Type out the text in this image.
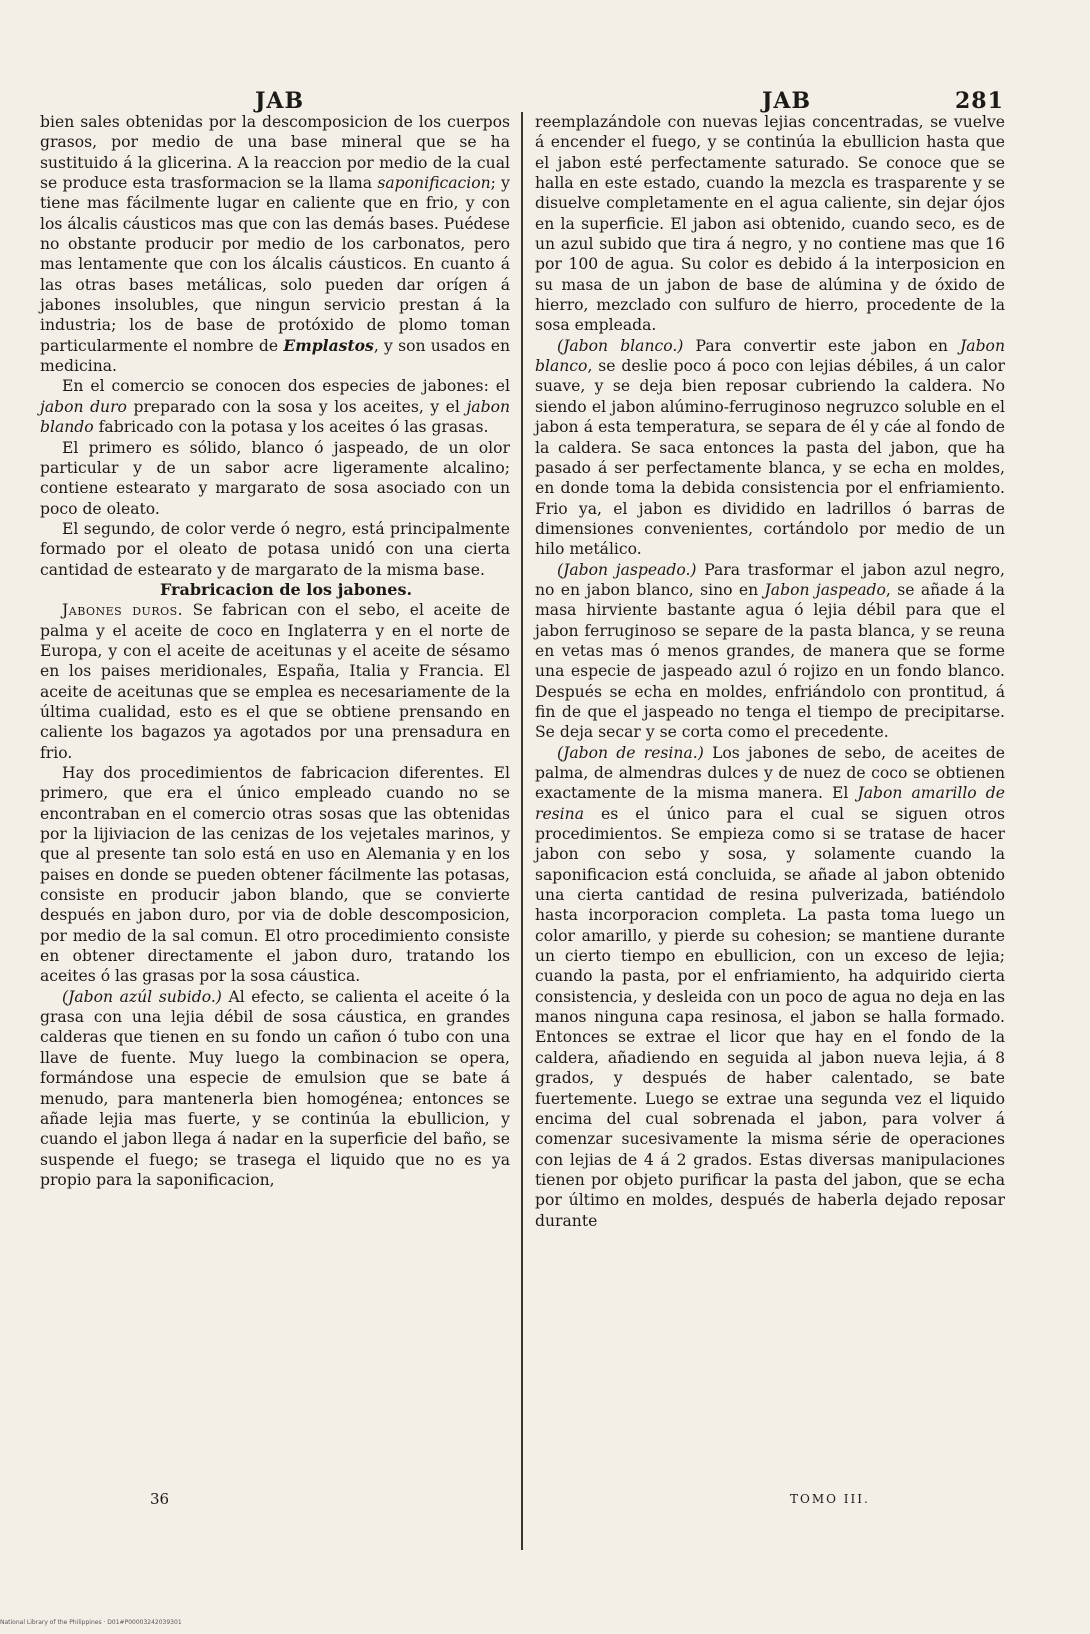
JAB	JAB	281

bien sales obtenidas por la descomposicion de los cuerpos grasos, por medio de una base mineral que se ha sustituido á la glicerina. A la reaccion por medio de la cual se produce esta trasformacion se la llama saponificacion; y tiene mas fácilmente lugar en caliente que en frio, y con los álcalis cáusticos mas que con las demás bases. Puédese no obstante producir por medio de los carbonatos, pero mas lentamente que con los álcalis cáusticos. En cuanto á las otras bases metálicas, solo pueden dar orígen á jabones insolubles, que ningun servicio prestan á la industria; los de base de protóxido de plomo toman particularmente el nombre de Emplastos, y son usados en medicina.

En el comercio se conocen dos especies de jabones: el jabon duro preparado con la sosa y los aceites, y el jabon blando fabricado con la potasa y los aceites ó las grasas.

El primero es sólido, blanco ó jaspeado, de un olor particular y de un sabor acre ligeramente alcalino; contiene estearato y margarato de sosa asociado con un poco de oleato.

El segundo, de color verde ó negro, está principalmente formado por el oleato de potasa unidó con una cierta cantidad de estearato y de margarato de la misma base.

Frabricacion de los jabones.

Jabones duros. Se fabrican con el sebo, el aceite de palma y el aceite de coco en Inglaterra y en el norte de Europa, y con el aceite de aceitunas y el aceite de sésamo en los paises meridionales, España, Italia y Francia. El aceite de aceitunas que se emplea es necesariamente de la última cualidad, esto es el que se obtiene prensando en caliente los bagazos ya agotados por una prensadura en frio.

Hay dos procedimientos de fabricacion diferentes. El primero, que era el único empleado cuando no se encontraban en el comercio otras sosas que las obtenidas por la lijiviacion de las cenizas de los vejetales marinos, y que al presente tan solo está en uso en Alemania y en los paises en donde se pueden obtener fácilmente las potasas, consiste en producir jabon blando, que se convierte después en jabon duro, por via de doble descomposicion, por medio de la sal comun. El otro procedimiento consiste en obtener directamente el jabon duro, tratando los aceites ó las grasas por la sosa cáustica.

(Jabon azúl subido.) Al efecto, se calienta el aceite ó la grasa con una lejia débil de sosa cáustica, en grandes calderas que tienen en su fondo un cañon ó tubo con una llave de fuente. Muy luego la combinacion se opera, formándose una especie de emulsion que se bate á menudo, para mantenerla bien homogénea; entonces se añade lejia mas fuerte, y se continúa la ebullicion, y cuando el jabon llega á nadar en la superficie del baño, se suspende el fuego; se trasega el liquido que no es ya propio para la saponificacion,

reemplazándole con nuevas lejias concentradas, se vuelve á encender el fuego, y se continúa la ebullicion hasta que el jabon esté perfectamente saturado. Se conoce que se halla en este estado, cuando la mezcla es trasparente y se disuelve completamente en el agua caliente, sin dejar ójos en la superficie. El jabon asi obtenido, cuando seco, es de un azul subido que tira á negro, y no contiene mas que 16 por 100 de agua. Su color es debido á la interposicion en su masa de un jabon de base de alúmina y de óxido de hierro, mezclado con sulfuro de hierro, procedente de la sosa empleada.

(Jabon blanco.) Para convertir este jabon en Jabon blanco, se deslie poco á poco con lejias débiles, á un calor suave, y se deja bien reposar cubriendo la caldera. No siendo el jabon alúmino-ferruginoso negruzco soluble en el jabon á esta temperatura, se separa de él y cáe al fondo de la caldera. Se saca entonces la pasta del jabon, que ha pasado á ser perfectamente blanca, y se echa en moldes, en donde toma la debida consistencia por el enfriamiento. Frio ya, el jabon es dividido en ladrillos ó barras de dimensiones convenientes, cortándolo por medio de un hilo metálico.

(Jabon jaspeado.) Para trasformar el jabon azul negro, no en jabon blanco, sino en Jabon jaspeado, se añade á la masa hirviente bastante agua ó lejia débil para que el jabon ferruginoso se separe de la pasta blanca, y se reuna en vetas mas ó menos grandes, de manera que se forme una especie de jaspeado azul ó rojizo en un fondo blanco. Después se echa en moldes, enfriándolo con prontitud, á fin de que el jaspeado no tenga el tiempo de precipitarse. Se deja secar y se corta como el precedente.

(Jabon de resina.) Los jabones de sebo, de aceites de palma, de almendras dulces y de nuez de coco se obtienen exactamente de la misma manera. El Jabon amarillo de resina es el único para el cual se siguen otros procedimientos. Se empieza como si se tratase de hacer jabon con sebo y sosa, y solamente cuando la saponificacion está concluida, se añade al jabon obtenido una cierta cantidad de resina pulverizada, batiéndolo hasta incorporacion completa. La pasta toma luego un color amarillo, y pierde su cohesion; se mantiene durante un cierto tiempo en ebullicion, con un exceso de lejia; cuando la pasta, por el enfriamiento, ha adquirido cierta consistencia, y desleida con un poco de agua no deja en las manos ninguna capa resinosa, el jabon se halla formado. Entonces se extrae el licor que hay en el fondo de la caldera, añadiendo en seguida al jabon nueva lejia, á 8 grados, y después de haber calentado, se bate fuertemente. Luego se extrae una segunda vez el liquido encima del cual sobrenada el jabon, para volver á comenzar sucesivamente la misma série de operaciones con lejias de 4 á 2 grados. Estas diversas manipulaciones tienen por objeto purificar la pasta del jabon, que se echa por último en moldes, después de haberla dejado reposar durante

36	TOMO III.
National Library of the Philippines · D01#P00003242039301
